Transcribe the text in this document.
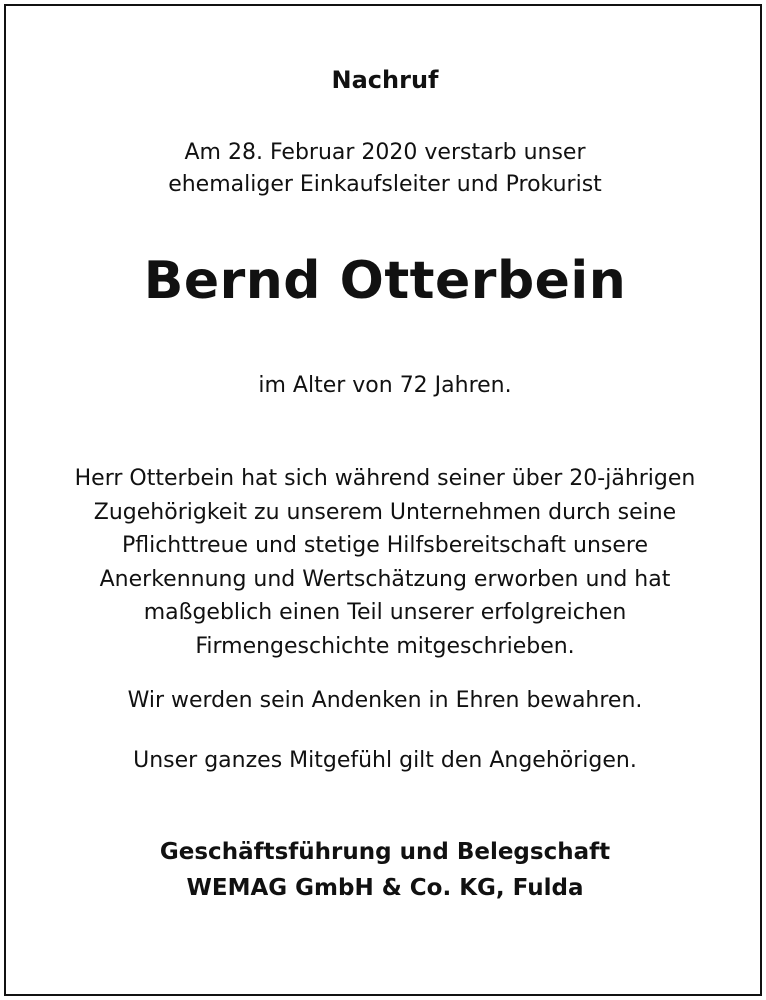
Nachruf
Am 28. Februar 2020 verstarb unser
ehemaliger Einkaufsleiter und Prokurist
Bernd Otterbein
im Alter von 72 Jahren.
Herr Otterbein hat sich während seiner über 20-jährigen
Zugehörigkeit zu unserem Unternehmen durch seine
Pflichttreue und stetige Hilfsbereitschaft unsere
Anerkennung und Wertschätzung erworben und hat
maßgeblich einen Teil unserer erfolgreichen
Firmengeschichte mitgeschrieben.
Wir werden sein Andenken in Ehren bewahren.
Unser ganzes Mitgefühl gilt den Angehörigen.
Geschäftsführung und Belegschaft
WEMAG GmbH & Co. KG, Fulda
